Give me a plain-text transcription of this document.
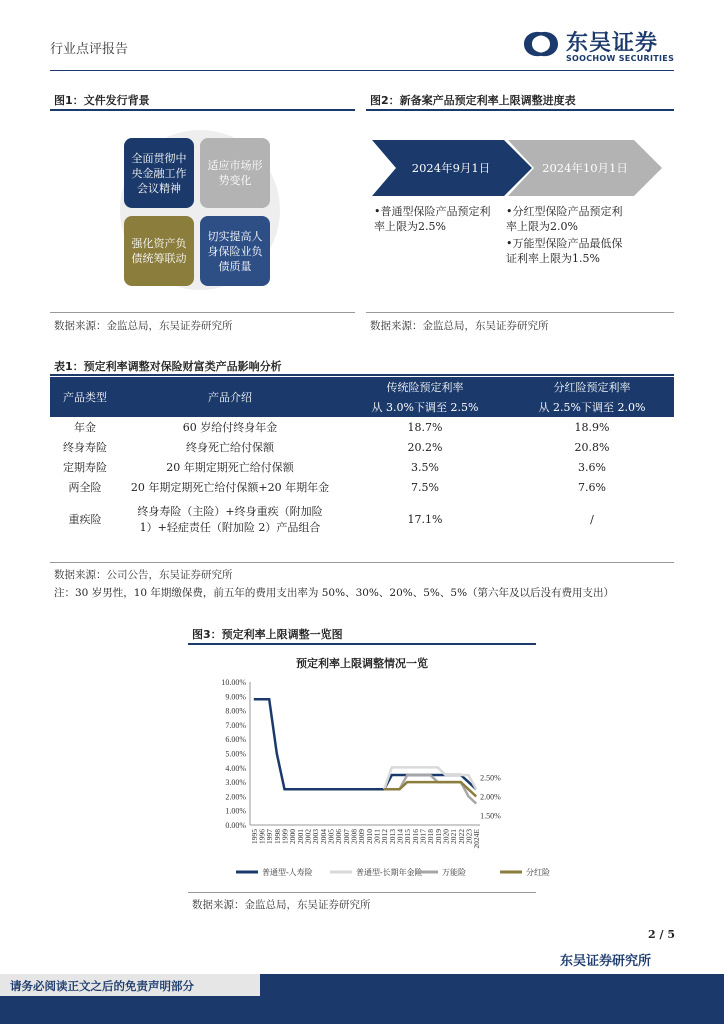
行业点评报告	东吴证券
SOOCHOW SECURITIES
图1：文件发行背景
全面贯彻中央金融工作会议精神
适应市场形势变化
强化资产负债统筹联动
切实提高人身保险业负债质量
数据来源：金监总局，东吴证券研究所
图2：新备案产品预定利率上限调整进度表
2024年9月1日	2024年10月1日
•普通型保险产品预定利率上限为2.5%
•分红型保险产品预定利率上限为2.0%
•万能型保险产品最低保证利率上限为1.5%
数据来源：金监总局，东吴证券研究所
表1：预定利率调整对保险财富类产品影响分析
产品类型	产品介绍	传统险预定利率	分红险预定利率
		从 3.0%下调至 2.5%	从 2.5%下调至 2.0%
年金	60 岁给付终身年金	18.7%	18.9%
终身寿险	终身死亡给付保额	20.2%	20.8%
定期寿险	20 年期定期死亡给付保额	3.5%	3.6%
两全险	20 年期定期死亡给付保额+20 年期年金	7.5%	7.6%
重疾险	终身寿险（主险）+终身重疾（附加险1）+轻症责任（附加险 2）产品组合	17.1%	/
数据来源：公司公告，东吴证券研究所
注：30 岁男性，10 年期缴保费，前五年的费用支出率为 50%、30%、20%、5%、5%（第六年及以后没有费用支出）
图3：预定利率上限调整一览图
预定利率上限调整情况一览
0.00%
1.00%
2.00%
3.00%
4.00%
5.00%
6.00%
7.00%
8.00%
9.00%
10.00%
1995
1996
1997
1998
1999
2000
2001
2002
2003
2004
2005
2006
2007
2008
2009
2010
2011
2012
2013
2014
2015
2016
2017
2018
2019
2020
2021
2022
2023
2024E
2.50%
2.00%
1.50%
普通型-人寿险	普通型-长期年金险 万能险	分红险
数据来源：金监总局，东吴证券研究所
2 / 5
东吴证券研究所
请务必阅读正文之后的免责声明部分
